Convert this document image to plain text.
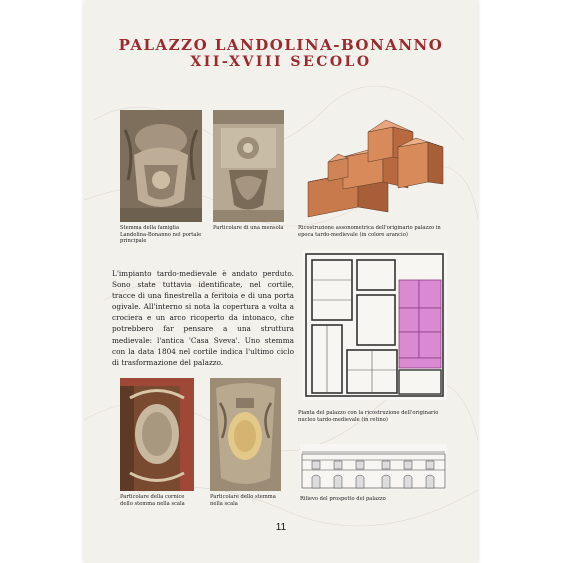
PALAZZO LANDOLINA-BONANNO
XII-XVIII SECOLO

Stemma della famiglia Landolina-Bonanno nel portale principale

Particolare di una mensola	Ricostruzione assonometrica dell'originario palazzo in epoca tardo-medievale (in colore arancio)

L'impianto tardo-medievale è andato perduto. Sono state tuttavia identificate, nel cortile, tracce di una finestrella a feritoia e di una porta ogivale. All'interno si nota la copertura a volta a crociera e un arco ricoperto da intonaco, che potrebbero far pensare a una struttura medievale: l'antica 'Casa Sveva'. Uno stemma con la data 1804 nel cortile indica l'ultimo ciclo di trasformazione del palazzo.

Pianta del palazzo con la ricostruzione dell'originario nucleo tardo-medievale (in retino)

Particolare della cornice dello stemma nella scala

Particolare dello stemma nella scala

Rilievo del prospetto del palazzo

11
